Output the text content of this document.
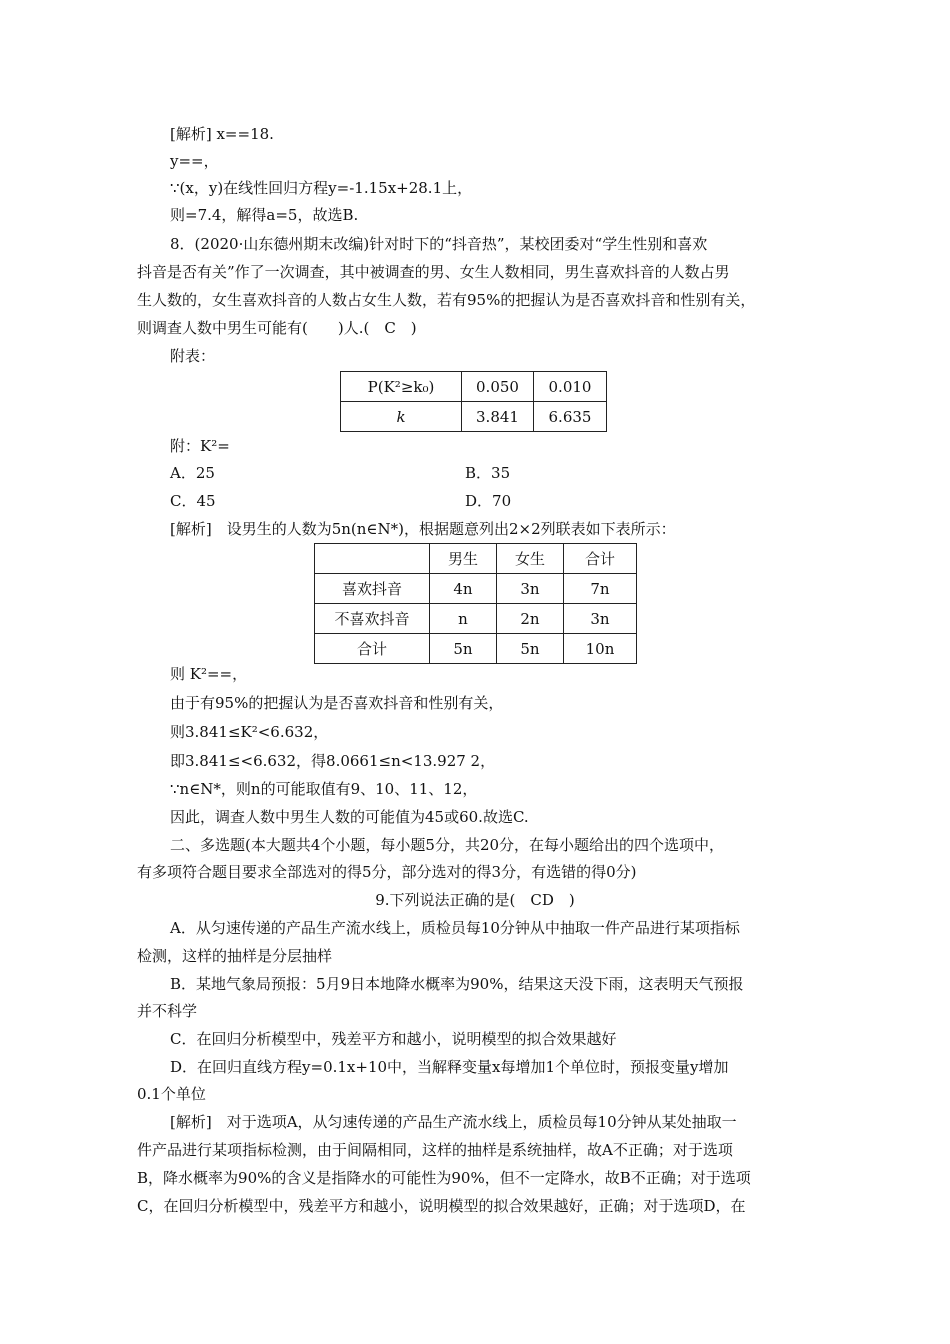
[解析] x==18.
y==，
∵(x，y)在线性回归方程y=-1.15x+28.1上，
则=7.4，解得a=5，故选B.
8．(2020·山东德州期末改编)针对时下的“抖音热”，某校团委对“学生性别和喜欢
抖音是否有关”作了一次调查，其中被调查的男、女生人数相同，男生喜欢抖音的人数占男
生人数的，女生喜欢抖音的人数占女生人数，若有95%的把握认为是否喜欢抖音和性别有关，
则调查人数中男生可能有(　　)人.(　C　)
附表：
P(K²≥k₀)	0.050	0.010
k	3.841	6.635
附：K²=
A．25	B．35
C．45	D．70
[解析]　设男生的人数为5n(n∈N*)，根据题意列出2×2列联表如下表所示：
	男生	女生	合计
喜欢抖音	4n	3n	7n
不喜欢抖音	n	2n	3n
合计	5n	5n	10n
则 K²==，
由于有95%的把握认为是否喜欢抖音和性别有关，
则3.841≤K²<6.632，
即3.841≤<6.632，得8.0661≤n<13.927 2，
∵n∈N*，则n的可能取值有9、10、11、12，
因此，调查人数中男生人数的可能值为45或60.故选C.
二、多选题(本大题共4个小题，每小题5分，共20分，在每小题给出的四个选项中，
有多项符合题目要求全部选对的得5分，部分选对的得3分，有选错的得0分)
9.下列说法正确的是(　CD　)
A．从匀速传递的产品生产流水线上，质检员每10分钟从中抽取一件产品进行某项指标
检测，这样的抽样是分层抽样
B．某地气象局预报：5月9日本地降水概率为90%，结果这天没下雨，这表明天气预报
并不科学
C．在回归分析模型中，残差平方和越小，说明模型的拟合效果越好
D．在回归直线方程y=0.1x+10中，当解释变量x每增加1个单位时，预报变量y增加
0.1个单位
[解析]　对于选项A，从匀速传递的产品生产流水线上，质检员每10分钟从某处抽取一
件产品进行某项指标检测，由于间隔相同，这样的抽样是系统抽样，故A不正确；对于选项
B，降水概率为90%的含义是指降水的可能性为90%，但不一定降水，故B不正确；对于选项
C，在回归分析模型中，残差平方和越小，说明模型的拟合效果越好，正确；对于选项D，在
